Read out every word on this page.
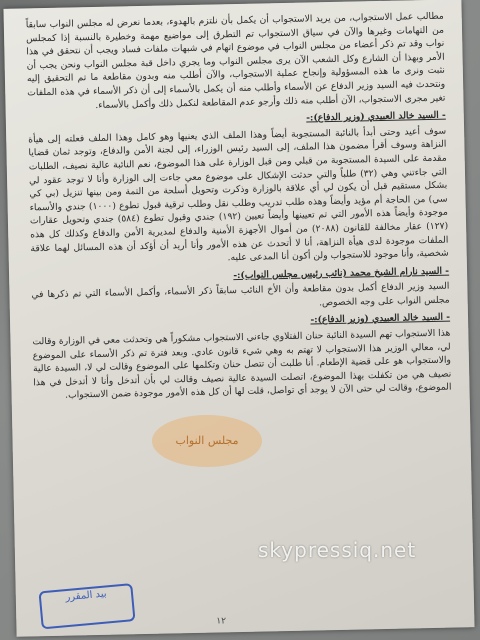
مطالب عمل الاستجواب، من يريد الاستجواب أن يكمل بأن نلتزم بالهدوء، بعدما نعرض له مجلس النواب سابقاً من التهامات وغيرها والآن في سياق الاستجواب تم التطرق إلى مواضيع مهمة وخطيرة بالنسبة إذا كمجلس نواب وقد تم ذكر أعضاء من مجلس النواب في موضوع اتهام في شبهات ملفات فساد ويجب أن نتحقق في هذا الأمر وبهذا أن الشارع وكل الشعب الآن يرى مجلس النواب وما يجري داخل قبة مجلس النواب ونحن يجب أن نثبت ونرى ما هذه المسؤولية وإنجاح عملية الاستجواب، والآن أطلب منه وبدون مقاطعة ما تم التحقيق إليه ونتحدث فيه السيد وزير الدفاع عن الأسماء وأطلب منه أن يكمل بالأسماء إلى أن ذكر الأسماء في هذه الملفات تغير مجرى الاستجواب، الآن أطلب منه ذلك وأرجو عدم المقاطعة لنكمل ذلك وأكمل بالأسماء.

- السيد خالد العبيدي (وزير الدفاع):-

سوف أعيد وحتى أبدأ بالنائبة المستجوبة أيضاً وهذا الملف الذي يعنيها وهو كامل وهذا الملف فعلته إلى هيأة النزاهة وسوف أقرأ مضمون هذا الملف، إلى السيد رئيس الوزراء، إلى لجنة الأمن والدفاع، وتوجد ثمان قضايا مقدمة على السيدة المستجوبة من قبلي ومن قبل الوزارة على هذا الموضوع، نعم النائبة عالية نصيف، الطلبات التي جاءتني وهي (٣٢) طلباً والتي حدثت الإشكال على موضوع معي جاءت إلى الوزارة وأنا لا توجد عقود لي بشكل مستقيم قبل أن يكون لي أي علاقة بالوزارة وذكرت وتحويل أسلحة من التمة ومن بينها تنزيل (بي كي سي) من الحاجة أم مؤيد وأيضاً وهذه طلب تدريب وطلب نقل وطلب ترقية قبول تطوع (١٠٠٠) جندي والأسماء موجودة وأيضاً هذه الأمور التي تم تعيينها وأيضاً تعيين (١٩٢) جندي وقبول تطوع (٥٨٤) جندي وتحويل عقارات (١٢٧) عقار مخالفة للقانون (٢٠٨٨) من أموال الأجهزة الأمنية والدفاع لمديرية الأمن والدفاع وكذلك كل هذه الملفات موجودة لدى هيأة النزاهة، أنا لا أتحدث عن هذه الأمور وأنا أريد أن أؤكد أن هذه المسائل لهما علاقة شخصية، وأنا موجود للاستجواب ولن أكون أنا المدعى عليه.

- السيد نارام الشيخ محمد (نائب رئيس مجلس النواب):-

السيد وزير الدفاع أكمل بدون مقاطعة وأن الأخ النائب سابقاً ذكر الأسماء، وأكمل الأسماء التي تم ذكرها في مجلس النواب على وجه الخصوص.

- السيد خالد العبيدي (وزير الدفاع):-

هذا الاستجواب تهم السيدة النائبة حنان الفتلاوي جاءني الاستجواب مشكوراً هي وتحدثت معي في الوزارة وقالت لي، معالي الوزير هذا الاستجواب لا تهتم به وهي شيء قانون عادي. وبعد فترة تم ذكر الأسماء على الموضوع والاستجواب هو على قضية الإطعام. أنا طلبت أن تتصل حنان وتكلمها على الموضوع وقالت لي لا، السيدة عالية نصيف هي من تكفلت بهذا الموضوع، اتصلت السيدة عالية نصيف وقالت لي بأن أتدخل وأنا لا أتدخل في هذا الموضوع، وقالت لي حتى الآن لا يوجد أي تواصل، قلت لها أن كل هذه الأمور موجودة ضمن الاستجواب.

بيد المقرر
١٢
مجلس النواب
skypressiq.net
